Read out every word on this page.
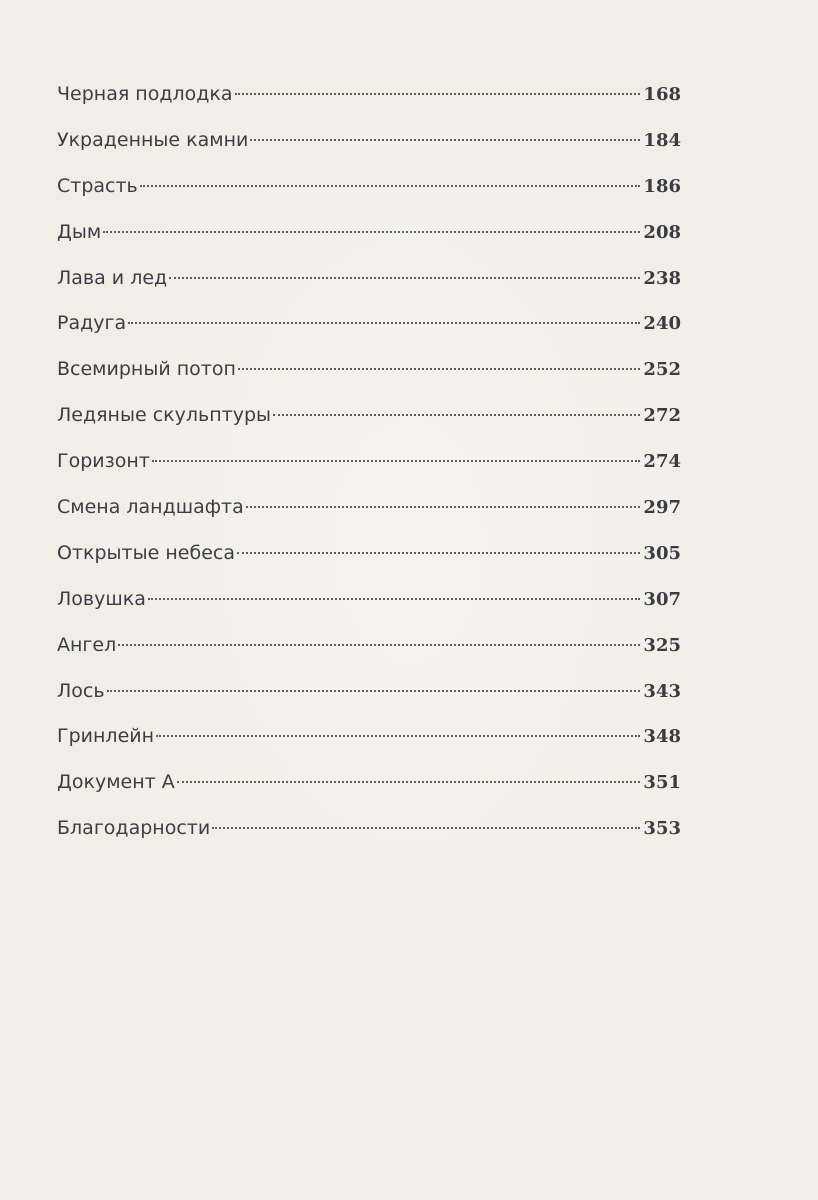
Черная подлодка	168
Украденные камни	184
Страсть	186
Дым	208
Лава и лед	238
Радуга	240
Всемирный потоп	252
Ледяные скульптуры	272
Горизонт	274
Смена ландшафта	297
Открытые небеса	305
Ловушка	307
Ангел	325
Лось	343
Гринлейн	348
Документ А	351
Благодарности	353
